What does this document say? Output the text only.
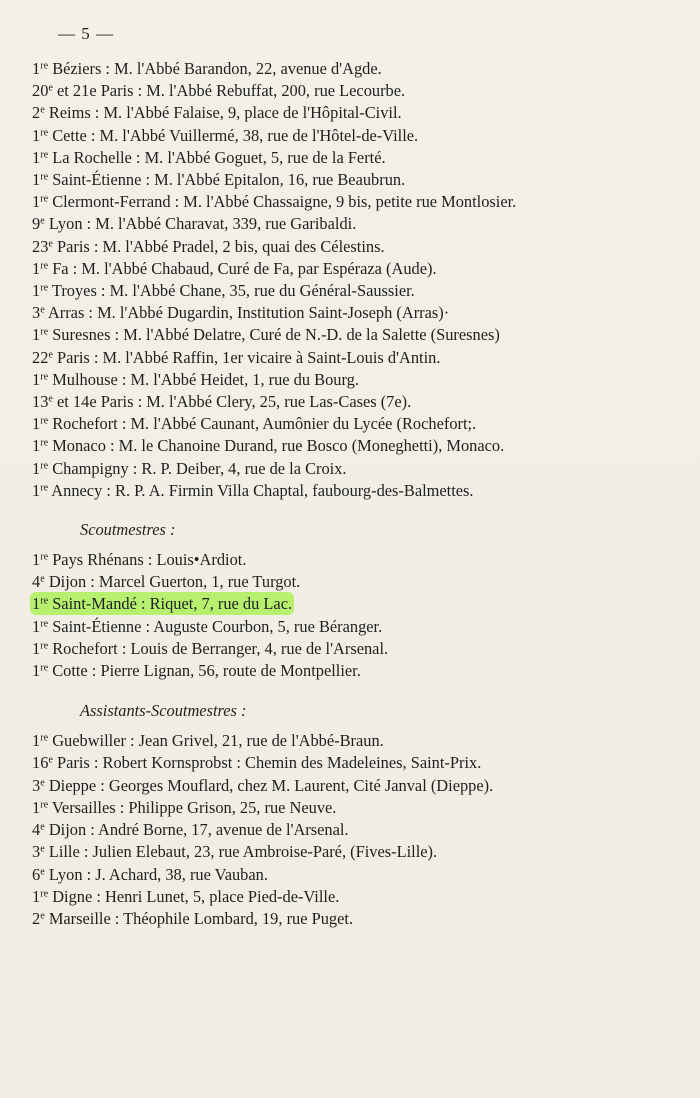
— 5 —
1re Béziers : M. l'Abbé Barandon, 22, avenue d'Agde.
20e et 21e Paris : M. l'Abbé Rebuffat, 200, rue Lecourbe.
2e Reims : M. l'Abbé Falaise, 9, place de l'Hôpital-Civil.
1re Cette : M. l'Abbé Vuillermé, 38, rue de l'Hôtel-de-Ville.
1re La Rochelle : M. l'Abbé Goguet, 5, rue de la Ferté.
1re Saint-Étienne : M. l'Abbé Epitalon, 16, rue Beaubrun.
1re Clermont-Ferrand : M. l'Abbé Chassaigne, 9 bis, petite rue Montlosier.
9e Lyon : M. l'Abbé Charavat, 339, rue Garibaldi.
23e Paris : M. l'Abbé Pradel, 2 bis, quai des Célestins.
1re Fa : M. l'Abbé Chabaud, Curé de Fa, par Espéraza (Aude).
1re Troyes : M. l'Abbé Chane, 35, rue du Général-Saussier.
3e Arras : M. l'Abbé Dugardin, Institution Saint-Joseph (Arras)·
1re Suresnes : M. l'Abbé Delatre, Curé de N.-D. de la Salette (Suresnes)
22e Paris : M. l'Abbé Raffin, 1er vicaire à Saint-Louis d'Antin.
1re Mulhouse : M. l'Abbé Heidet, 1, rue du Bourg.
13e et 14e Paris : M. l'Abbé Clery, 25, rue Las-Cases (7e).
1re Rochefort : M. l'Abbé Caunant, Aumônier du Lycée (Rochefort;.
1re Monaco : M. le Chanoine Durand, rue Bosco (Moneghetti), Monaco.
1re Champigny : R. P. Deiber, 4, rue de la Croix.
1re Annecy : R. P. A. Firmin Villa Chaptal, faubourg-des-Balmettes.
Scoutmestres :
1re Pays Rhénans : Louis•Ardiot.
4e Dijon : Marcel Guerton, 1, rue Turgot.
1re Saint-Mandé : Riquet, 7, rue du Lac.
1re Saint-Étienne : Auguste Courbon, 5, rue Béranger.
1re Rochefort : Louis de Berranger, 4, rue de l'Arsenal.
1re Cotte : Pierre Lignan, 56, route de Montpellier.
Assistants-Scoutmestres :
1re Guebwiller : Jean Grivel, 21, rue de l'Abbé-Braun.
16e Paris : Robert Kornsprobst : Chemin des Madeleines, Saint-Prix.
3e Dieppe : Georges Mouflard, chez M. Laurent, Cité Janval (Dieppe).
1re Versailles : Philippe Grison, 25, rue Neuve.
4e Dijon : André Borne, 17, avenue de l'Arsenal.
3e Lille : Julien Elebaut, 23, rue Ambroise-Paré, (Fives-Lille).
6e Lyon : J. Achard, 38, rue Vauban.
1re Digne : Henri Lunet, 5, place Pied-de-Ville.
2e Marseille : Théophile Lombard, 19, rue Puget.
